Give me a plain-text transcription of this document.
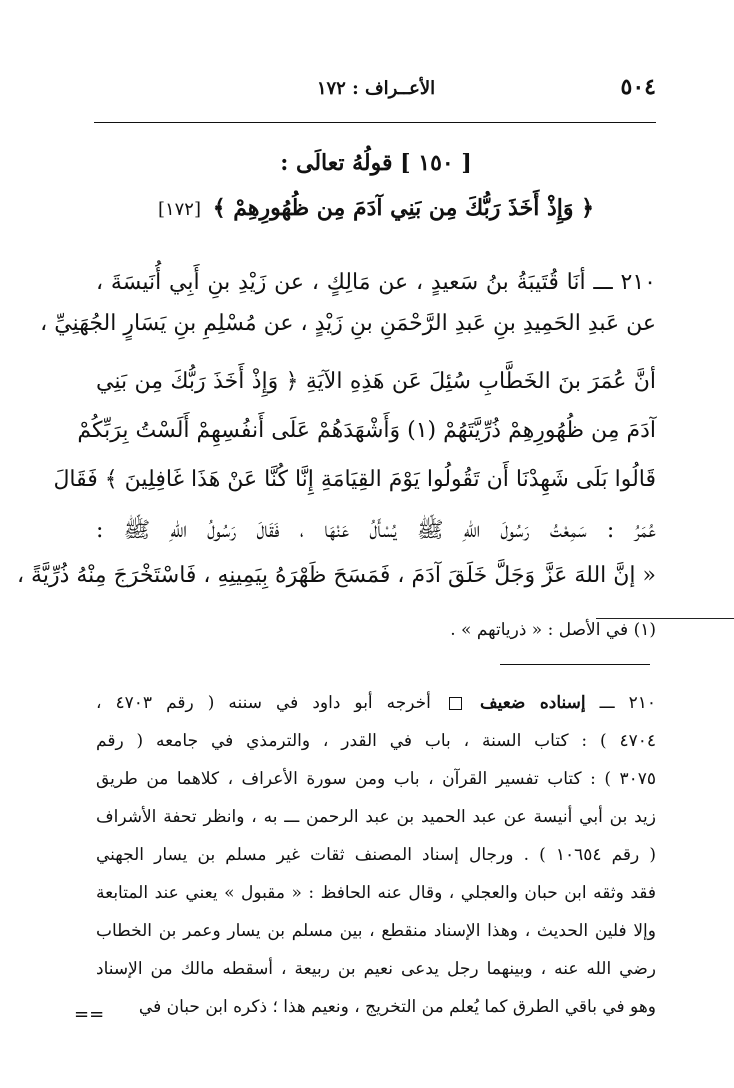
٥٠٤
الأعــراف : ١٧٢
[ ١٥٠ ] قولُهُ تعالَى :
﴿ وَإِذْ أَخَذَ رَبُّكَ مِن بَنِي آدَمَ مِن ظُهُورِهِمْ ﴾ [١٧٢]
٢١٠ ـــ أنَا قُتَيبَةُ بنُ سَعيدٍ ، عن مَالِكٍ ، عن زَيْدِ بنِ أَبِي أُنَيسَةَ ،
عن عَبدِ الحَمِيدِ بنِ عَبدِ الرَّحْمَنِ بنِ زَيْدٍ ، عن مُسْلِمِ بنِ يَسَارٍ الجُهَنِيِّ ،
أنَّ عُمَرَ بنَ الخَطَّابِ سُئِلَ عَن هَذِهِ الآيَةِ ﴿ وَإِذْ أَخَذَ رَبُّكَ مِن بَنِي
آدَمَ مِن ظُهُورِهِمْ ذُرِّيَّتَهُمْ (١) وَأَشْهَدَهُمْ عَلَى أَنفُسِهِمْ أَلَسْتُ بِرَبِّكُمْ
قَالُوا بَلَى شَهِدْنَا أَن تَقُولُوا يَوْمَ القِيَامَةِ إِنَّا كُنَّا عَنْ هَذَا غَافِلِينَ ﴾ فَقَالَ
عُمَرُ : سَمِعْتُ رَسُولَ اللهِ ﷺ يُسْأَلُ عَنْهَا ، فَقَالَ رَسُولُ اللهِ ﷺ :
« إنَّ اللهَ عَزَّ وَجَلَّ خَلَقَ آدَمَ ، فَمَسَحَ ظَهْرَهُ بِيَمِينِهِ ، فَاسْتَخْرَجَ مِنْهُ ذُرِّيَّةً ،
(١) في الأصل : « ذرياتهم » .
٢١٠ ـــ إسناده ضعيف  أخرجه أبو داود في سننه ( رقم ٤٧٠٣ ،
٤٧٠٤ ) : كتاب السنة ، باب في القدر ، والترمذي في جامعه ( رقم
٣٠٧٥ ) : كتاب تفسير القرآن ، باب ومن سورة الأعراف ، كلاهما من طريق
زيد بن أبي أنيسة عن عبد الحميد بن عبد الرحمن ـــ به ، وانظر تحفة الأشراف
( رقم ١٠٦٥٤ ) . ورجال إسناد المصنف ثقات غير مسلم بن يسار الجهني
فقد وثقه ابن حبان والعجلي ، وقال عنه الحافظ : « مقبول » يعني عند المتابعة
وإلا فلين الحديث ، وهذا الإسناد منقطع ، بين مسلم بن يسار وعمر بن الخطاب
رضي الله عنه ، وبينهما رجل يدعى نعيم بن ربيعة ، أسقطه مالك من الإسناد
وهو في باقي الطرق كما يُعلم من التخريج ، ونعيم هذا ؛ ذكره ابن حبان في
==
